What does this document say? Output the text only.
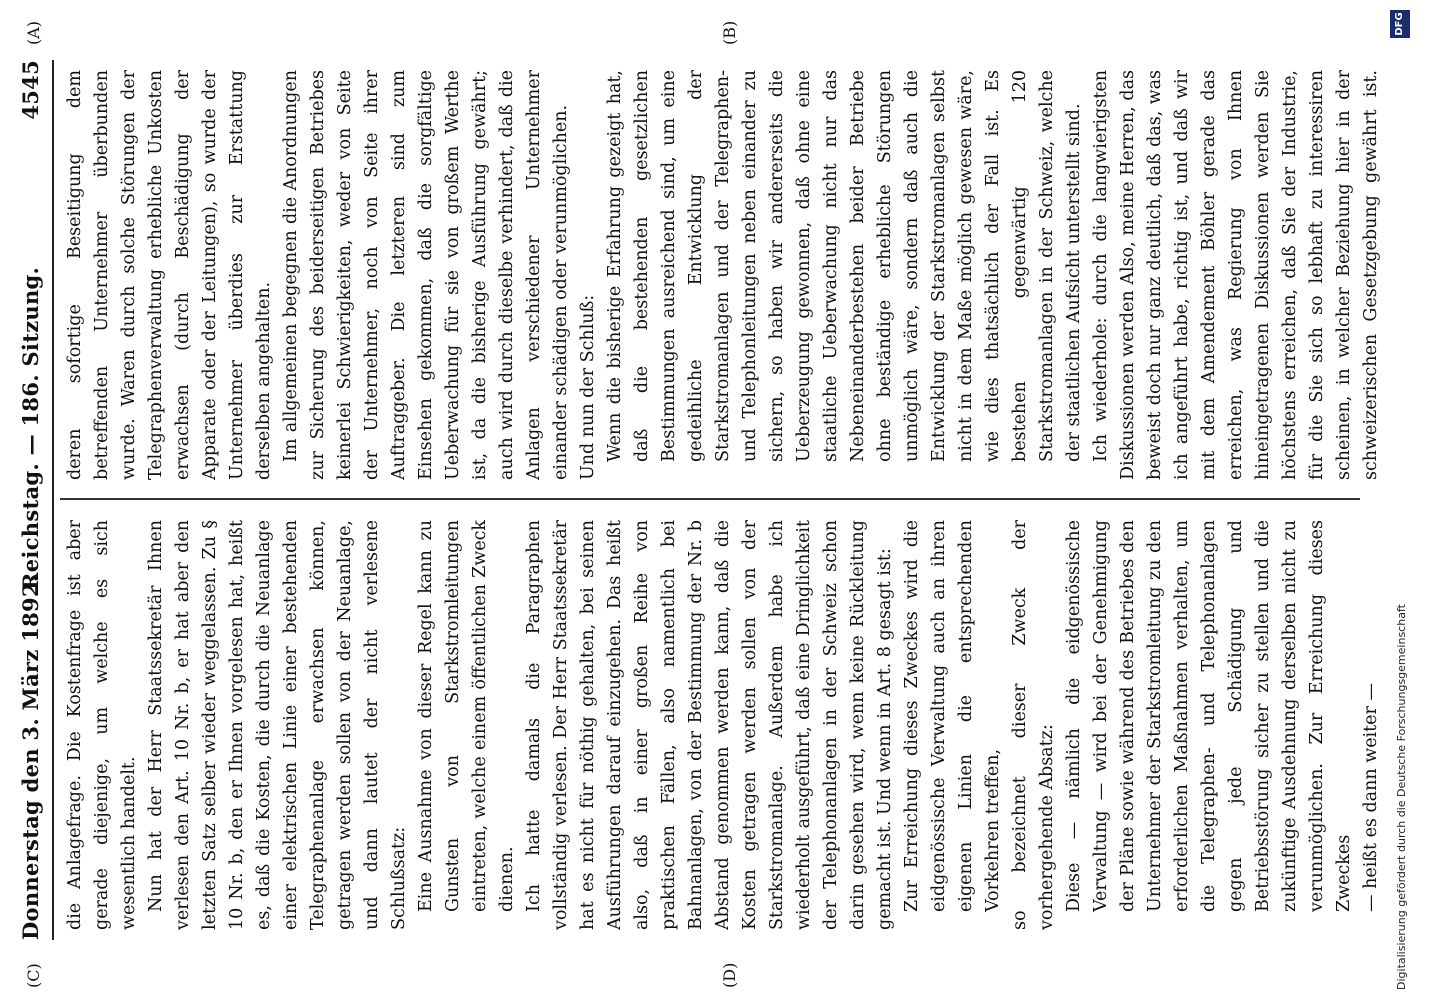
Donnerstag den 3. März 1892.
Reichstag. — 186. Sitzung.
4545
(C)
(A)
(D)
(B)

die Anlagefrage. Die Kostenfrage ist aber gerade diejenige, um welche es sich wesentlich handelt. Nun hat der Herr Staatssekretär Ihnen verlesen den Art. 10 Nr. b, er hat aber den letzten Satz selber wieder weggelassen. Zu § 10 Nr. b, den er Ihnen vorgelesen hat, heißt es, daß die Kosten, die durch die Neuanlage einer elektrischen Linie einer bestehenden Telegraphenanlage erwachsen können, getragen werden sollen von der Neuanlage, und dann lautet der nicht verlesene Schlußsatz: Eine Ausnahme von dieser Regel kann zu Gunsten von Starkstromleitungen eintreten, welche einem öffentlichen Zweck dienen. Ich hatte damals die Paragraphen vollständig verlesen. Der Herr Staatssekretär hat es nicht für nöthig gehalten, bei seinen Ausführungen darauf einzugehen. Das heißt also, daß in einer großen Reihe von praktischen Fällen, also namentlich bei Bahnanlagen, von der Bestimmung der Nr. b Abstand genommen werden kann, daß die Kosten getragen werden sollen von der Starkstromanlage. Außerdem habe ich wiederholt ausgeführt, daß eine Dringlichkeit der Telephonanlagen in der Schweiz schon darin gesehen wird, wenn keine Rückleitung gemacht ist. Und wenn in Art. 8 gesagt ist: Zur Erreichung dieses Zweckes wird die eidgenössische Verwaltung auch an ihren eigenen Linien die entsprechenden Vorkehren treffen, so bezeichnet dieser Zweck der vorhergehende Absatz: Diese — nämlich die eidgenössische Verwaltung — wird bei der Genehmigung der Pläne sowie während des Betriebes den Unternehmer der Starkstromleitung zu den erforderlichen Maßnahmen verhalten, um die Telegraphen- und Telephonanlagen gegen jede Schädigung und Betriebsstörung sicher zu stellen und die zukünftige Ausdehnung derselben nicht zu verunmöglichen. Zur Erreichung dieses Zweckes — heißt es dann weiter —

deren sofortige Beseitigung dem betreffenden Unternehmer überbunden wurde. Waren durch solche Störungen der Telegraphenverwaltung erhebliche Unkosten erwachsen (durch Beschädigung der Apparate oder der Leitungen), so wurde der Unternehmer überdies zur Erstattung derselben angehalten. Im allgemeinen begegnen die Anordnungen zur Sicherung des beiderseitigen Betriebes keinerlei Schwierigkeiten, weder von Seite der Unternehmer, noch von Seite ihrer Auftraggeber. Die letzteren sind zum Einsehen gekommen, daß die sorgfältige Ueberwachung für sie von großem Werthe ist, da die bisherige Ausführung gewährt; auch wird durch dieselbe verhindert, daß die Anlagen verschiedener Unternehmer einander schädigen oder verunmöglichen. Und nun der Schluß: Wenn die bisherige Erfahrung gezeigt hat, daß die bestehenden gesetzlichen Bestimmungen ausreichend sind, um eine gedeihliche Entwicklung der Starkstromanlagen und der Telegraphen- und Telephonleitungen neben einander zu sichern, so haben wir andererseits die Ueberzeugung gewonnen, daß ohne eine staatliche Ueberwachung nicht nur das Nebeneinanderbestehen beider Betriebe ohne beständige erhebliche Störungen unmöglich wäre, sondern daß auch die Entwicklung der Starkstromanlagen selbst nicht in dem Maße möglich gewesen wäre, wie dies thatsächlich der Fall ist. Es bestehen gegenwärtig 120 Starkstromanlagen in der Schweiz, welche der staatlichen Aufsicht unterstellt sind. Ich wiederhole: durch die langwierigsten Diskussionen werden Also, meine Herren, das beweist doch nur ganz deutlich, daß das, was ich angeführt habe, richtig ist, und daß wir mit dem Amendement Böhler gerade das erreichen, was Regierung von Ihnen hineingetragenen Diskussionen werden Sie höchstens erreichen, daß Sie der Industrie, für die Sie sich so lebhaft zu interessiren scheinen, in welcher Beziehung hier in der schweizerischen Gesetzgebung gewährt ist.

Digitalisierung gefördert durch die Deutsche Forschungsgemeinschaft
DFG
